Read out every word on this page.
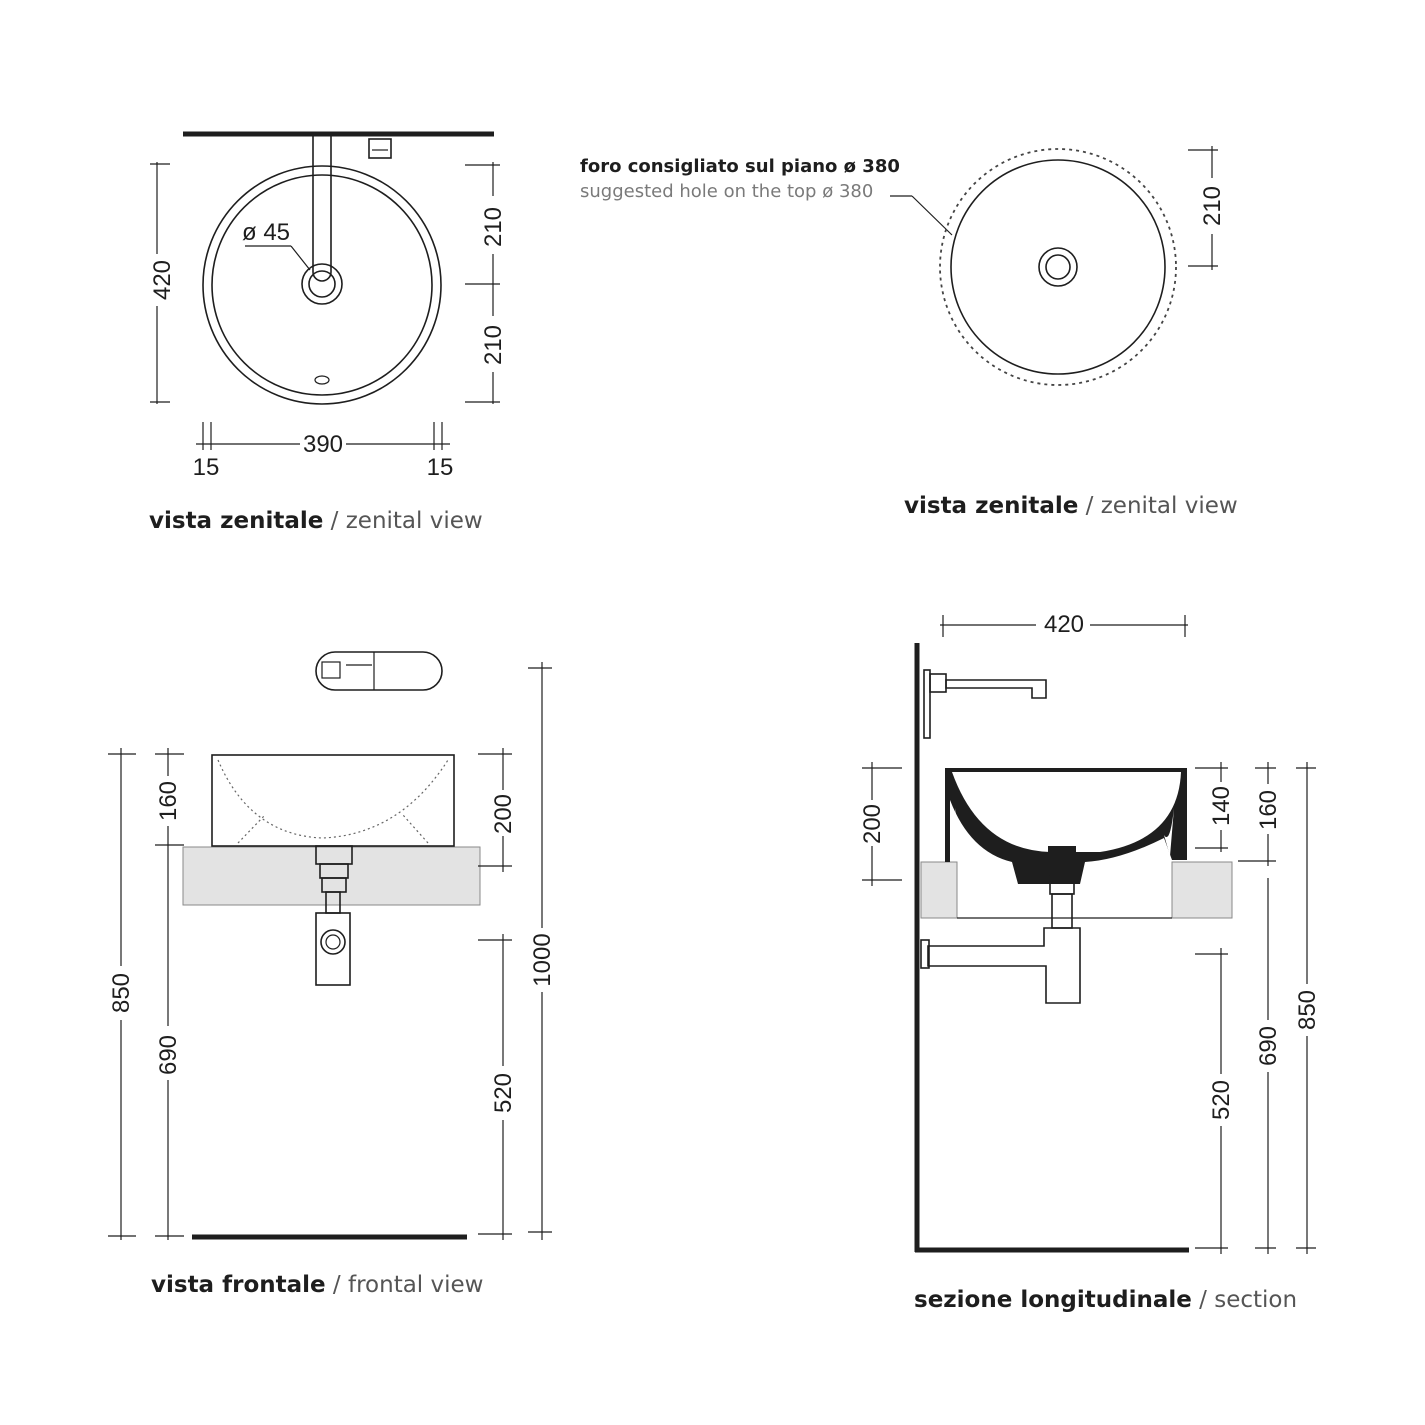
ø 45
420
210
210
390
15	15
vista zenitale / zenital view
foro consigliato sul piano ø 380
suggested hole on the top ø 380	210
vista zenitale / zenital view
850
160
690
200
520
1000
vista frontale / frontal view
420
200	140 160
520
690
850
sezione longitudinale / section
